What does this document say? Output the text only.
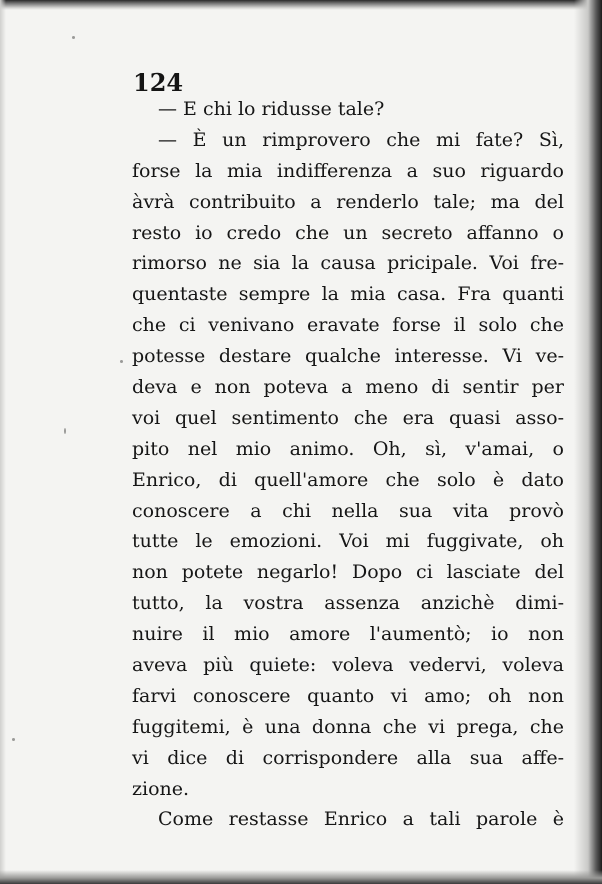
124
— E chi lo ridusse tale?
— È un rimprovero che mi fate? Sì,
forse la mia indifferenza a suo riguardo
àvrà contribuito a renderlo tale; ma del
resto io credo che un secreto affanno o
rimorso ne sia la causa pricipale. Voi fre-
quentaste sempre la mia casa. Fra quanti
che ci venivano eravate forse il solo che
potesse destare qualche interesse. Vi ve-
deva e non poteva a meno di sentir per
voi quel sentimento che era quasi asso-
pito nel mio animo. Oh, sì, v'amai, o
Enrico, di quell'amore che solo è dato
conoscere a chi nella sua vita provò
tutte le emozioni. Voi mi fuggivate, oh
non potete negarlo! Dopo ci lasciate del
tutto, la vostra assenza anzichè dimi-
nuire il mio amore l'aumentò; io non
aveva più quiete: voleva vedervi, voleva
farvi conoscere quanto vi amo; oh non
fuggitemi, è una donna che vi prega, che
vi dice di corrispondere alla sua affe-
zione.
Come restasse Enrico a tali parole è
